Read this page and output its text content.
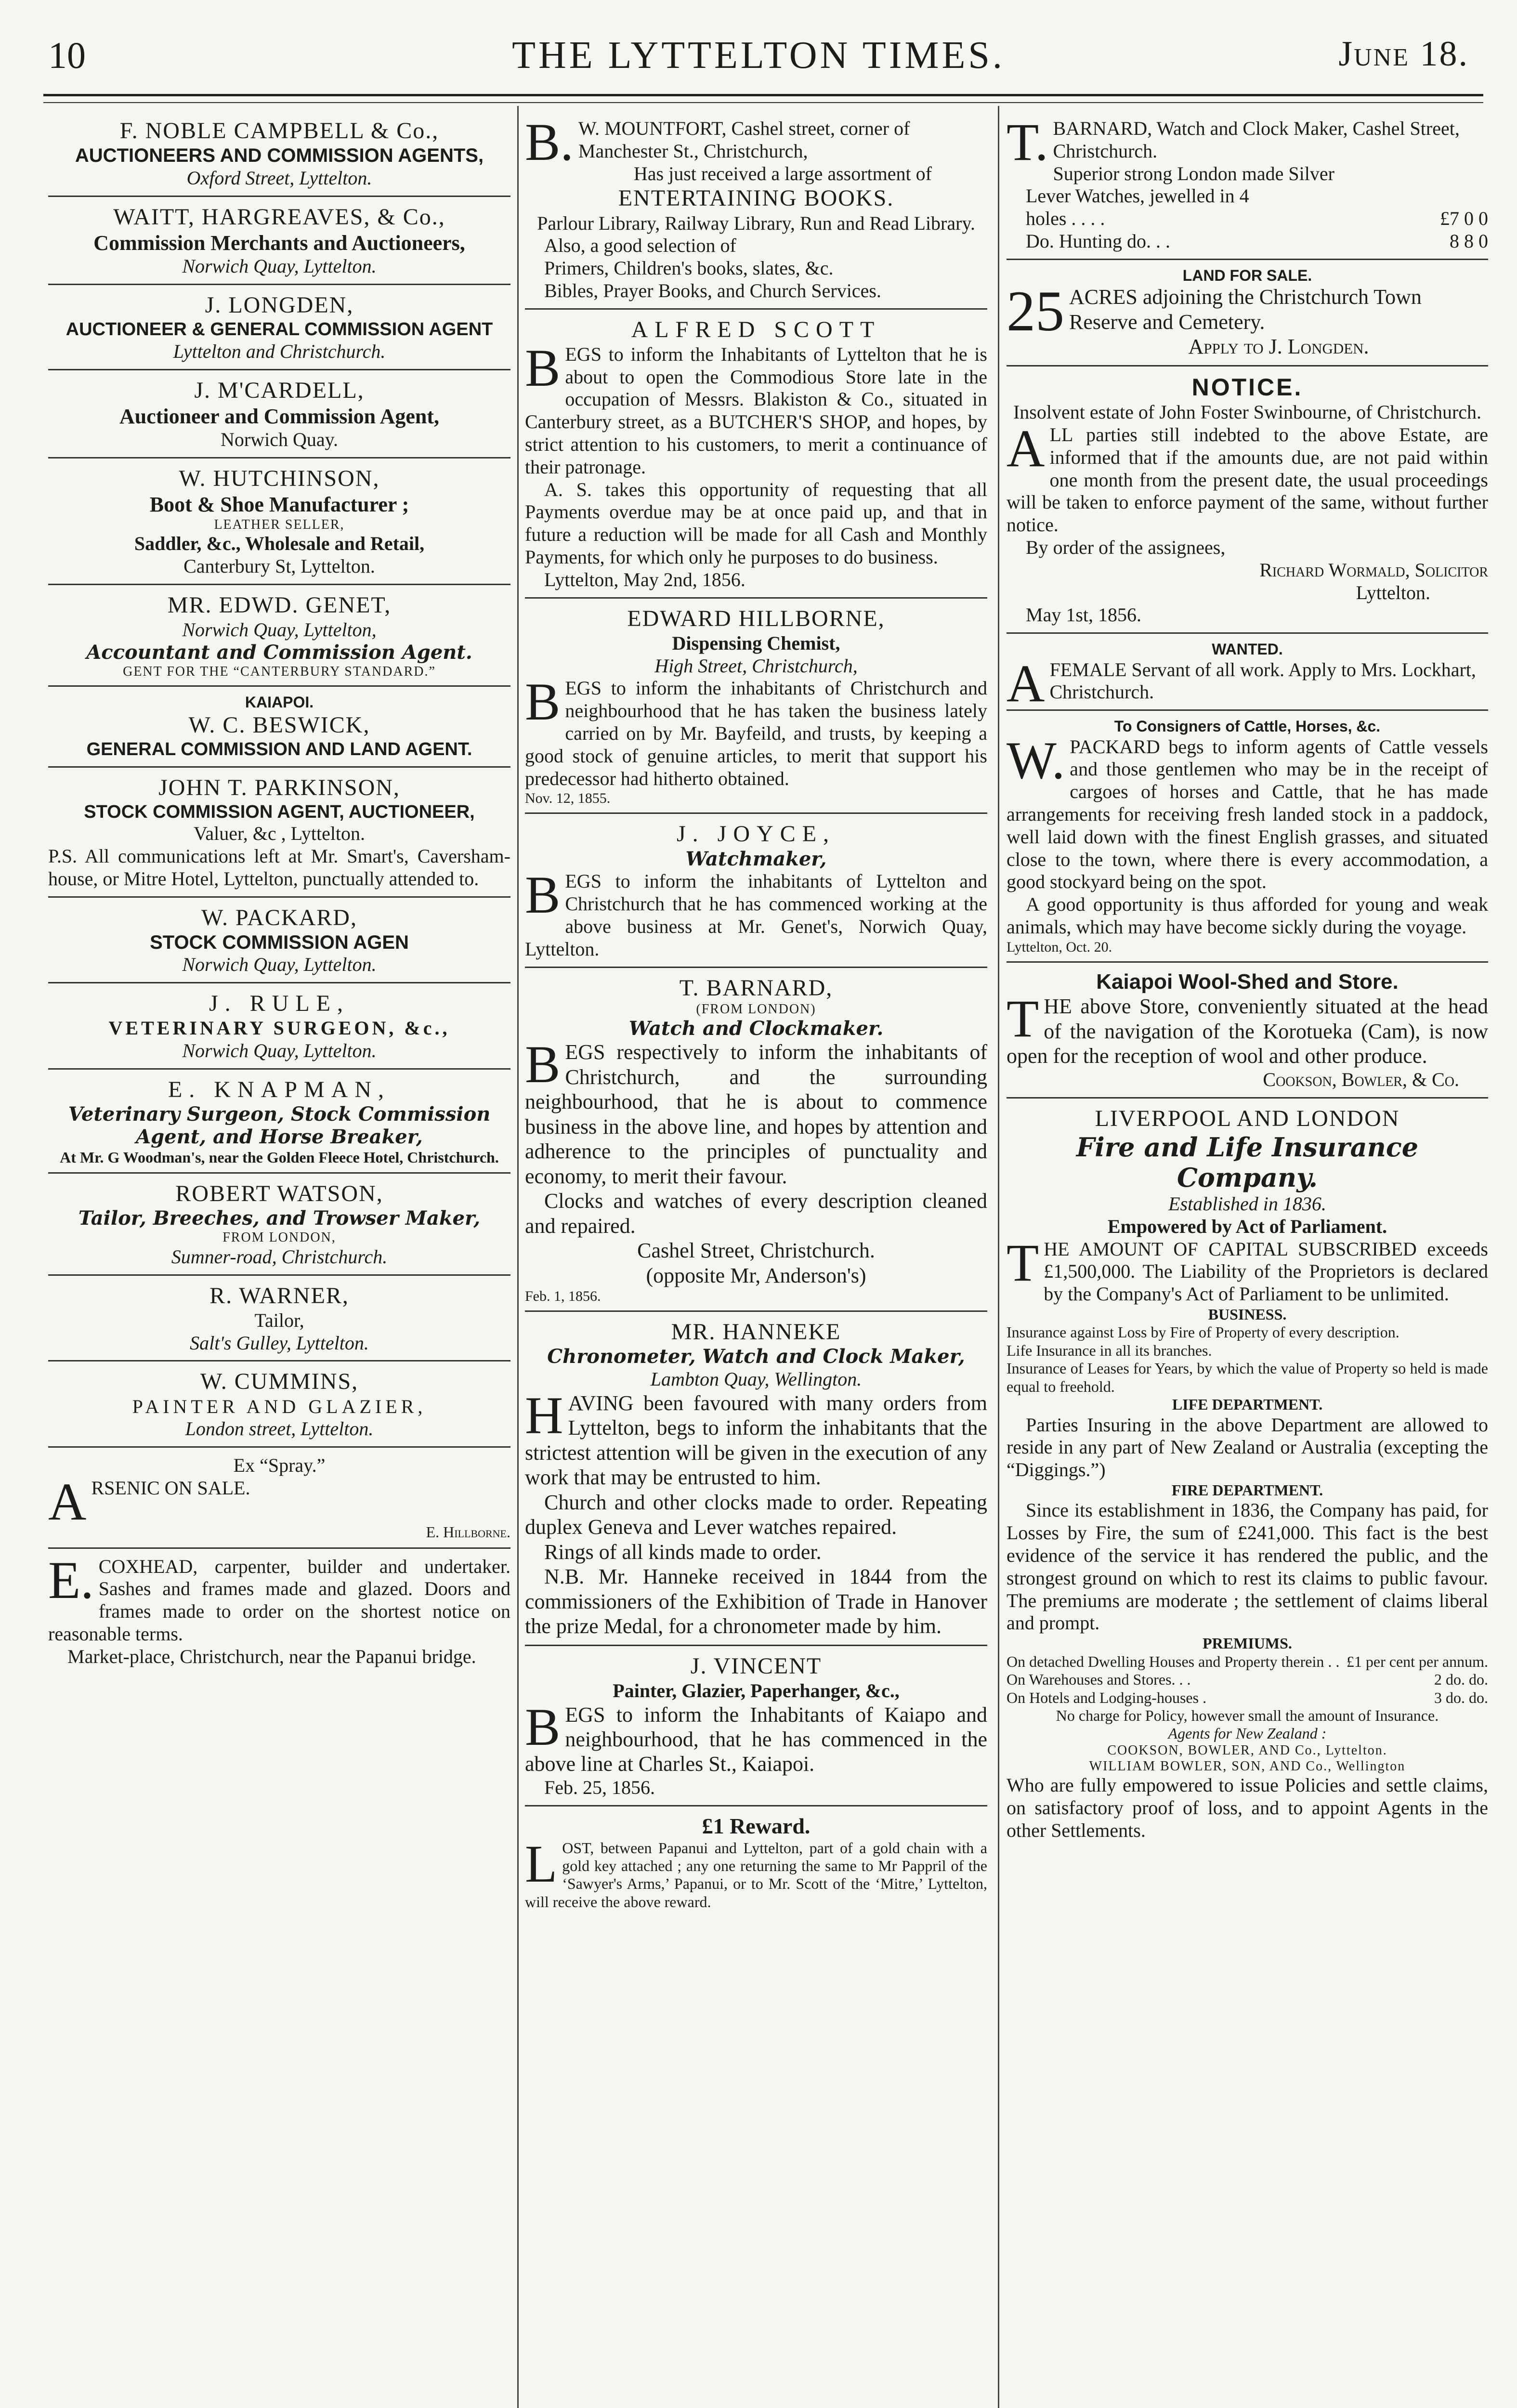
10	THE LYTTELTON TIMES.	June 18.
F. NOBLE CAMPBELL & Co.,
AUCTIONEERS AND COMMISSION AGENTS,
Oxford Street, Lyttelton.
WAITT, HARGREAVES, & Co.,
Commission Merchants and Auctioneers,
Norwich Quay, Lyttelton.
J. LONGDEN,
AUCTIONEER & GENERAL COMMISSION AGENT
Lyttelton and Christchurch.
J. M'CARDELL,
Auctioneer and Commission Agent,
Norwich Quay.
W. HUTCHINSON,
Boot & Shoe Manufacturer ;
LEATHER SELLER,
Saddler, &c., Wholesale and Retail,
Canterbury St, Lyttelton.
MR. EDWD. GENET,
Norwich Quay, Lyttelton,
Accountant and Commission Agent.
GENT FOR THE “CANTERBURY STANDARD.”
KAIAPOI.
W. C. BESWICK,
GENERAL COMMISSION AND LAND AGENT.
JOHN T. PARKINSON,
STOCK COMMISSION AGENT, AUCTIONEER,
Valuer, &c , Lyttelton.
P.S. All communications left at Mr. Smart's, Caversham-house, or Mitre Hotel, Lyttelton, punctually attended to.
W. PACKARD,
STOCK COMMISSION AGEN
Norwich Quay, Lyttelton.
J. RULE,
VETERINARY SURGEON, &c.,
Norwich Quay, Lyttelton.
E. KNAPMAN,
Veterinary Surgeon, Stock Commission Agent, and Horse Breaker,
At Mr. G Woodman's, near the Golden Fleece Hotel, Christchurch.
ROBERT WATSON,
Tailor, Breeches, and Trowser Maker,
FROM LONDON,
Sumner-road, Christchurch.
R. WARNER,
Tailor,
Salt's Gulley, Lyttelton.
W. CUMMINS,
PAINTER AND GLAZIER,
London street, Lyttelton.
Ex “Spray.”
A RSENIC ON SALE.
E. Hillborne.
E. COXHEAD, carpenter, builder and undertaker. Sashes and frames made and glazed. Doors and frames made to order on the shortest notice on reasonable terms.
Market-place, Christchurch, near the Papanui bridge.
B. W. MOUNTFORT, Cashel street, corner of Manchester St., Christchurch,
Has just received a large assortment of
ENTERTAINING BOOKS.
Parlour Library, Railway Library, Run and Read Library.
Also, a good selection of
Primers, Children's books, slates, &c.
Bibles, Prayer Books, and Church Services.
ALFRED SCOTT
B EGS to inform the Inhabitants of Lyttelton that he is about to open the Commodious Store late in the occupation of Messrs. Blakiston & Co., situated in Canterbury street, as a BUTCHER'S SHOP, and hopes, by strict attention to his customers, to merit a continuance of their patronage.
A. S. takes this opportunity of requesting that all Payments overdue may be at once paid up, and that in future a reduction will be made for all Cash and Monthly Payments, for which only he purposes to do business.
Lyttelton, May 2nd, 1856.
EDWARD HILLBORNE,
Dispensing Chemist,
High Street, Christchurch,
B EGS to inform the inhabitants of Christchurch and neighbourhood that he has taken the business lately carried on by Mr. Bayfeild, and trusts, by keeping a good stock of genuine articles, to merit that support his predecessor had hitherto obtained.
Nov. 12, 1855.
J. JOYCE,
Watchmaker,
B EGS to inform the inhabitants of Lyttelton and Christchurch that he has commenced working at the above business at Mr. Genet's, Norwich Quay, Lyttelton.
T. BARNARD,
(FROM LONDON)
Watch and Clockmaker.
B EGS respectively to inform the inhabitants of Christchurch, and the surrounding neighbourhood, that he is about to commence business in the above line, and hopes by attention and adherence to the principles of punctuality and economy, to merit their favour.
Clocks and watches of every description cleaned and repaired.
Cashel Street, Christchurch.
(opposite Mr, Anderson's)
Feb. 1, 1856.
MR. HANNEKE
Chronometer, Watch and Clock Maker,
Lambton Quay, Wellington.
H AVING been favoured with many orders from Lyttelton, begs to inform the inhabitants that the strictest attention will be given in the execution of any work that may be entrusted to him.
Church and other clocks made to order. Repeating duplex Geneva and Lever watches repaired.
Rings of all kinds made to order.
N.B. Mr. Hanneke received in 1844 from the commissioners of the Exhibition of Trade in Hanover the prize Medal, for a chronometer made by him.
J. VINCENT
Painter, Glazier, Paperhanger, &c.,
B EGS to inform the Inhabitants of Kaiapo and neighbourhood, that he has commenced in the above line at Charles St., Kaiapoi.
Feb. 25, 1856.
£1 Reward.
L OST, between Papanui and Lyttelton, part of a gold chain with a gold key attached ; any one returning the same to Mr Pappril of the ‘Sawyer's Arms,’ Papanui, or to Mr. Scott of the ‘Mitre,’ Lyttelton, will receive the above reward.
T. BARNARD, Watch and Clock Maker, Cashel Street, Christchurch.
Superior strong London made Silver
Lever Watches, jewelled in 4
holes . . . .	£7 0 0
Do. Hunting do. . .	8 8 0
LAND FOR SALE.
25 ACRES adjoining the Christchurch Town Reserve and Cemetery.
Apply to J. Longden.
NOTICE.
Insolvent estate of John Foster Swinbourne, of Christchurch.
A LL parties still indebted to the above Estate, are informed that if the amounts due, are not paid within one month from the present date, the usual proceedings will be taken to enforce payment of the same, without further notice.
By order of the assignees,
Richard Wormald, Solicitor
Lyttelton.
May 1st, 1856.
WANTED.
A FEMALE Servant of all work. Apply to Mrs. Lockhart, Christchurch.
To Consigners of Cattle, Horses, &c.
W. PACKARD begs to inform agents of Cattle vessels and those gentlemen who may be in the receipt of cargoes of horses and Cattle, that he has made arrangements for receiving fresh landed stock in a paddock, well laid down with the finest English grasses, and situated close to the town, where there is every accommodation, a good stockyard being on the spot.
A good opportunity is thus afforded for young and weak animals, which may have become sickly during the voyage.
Lyttelton, Oct. 20.
Kaiapoi Wool-Shed and Store.
T HE above Store, conveniently situated at the head of the navigation of the Korotueka (Cam), is now open for the reception of wool and other produce.
Cookson, Bowler, & Co.
LIVERPOOL AND LONDON
Fire and Life Insurance Company.
Established in 1836.
Empowered by Act of Parliament.
T HE AMOUNT OF CAPITAL SUBSCRIBED exceeds £1,500,000. The Liability of the Proprietors is declared by the Company's Act of Parliament to be unlimited.
BUSINESS.
Insurance against Loss by Fire of Property of every description.
Life Insurance in all its branches.
Insurance of Leases for Years, by which the value of Property so held is made equal to freehold.
LIFE DEPARTMENT.
Parties Insuring in the above Department are allowed to reside in any part of New Zealand or Australia (excepting the “Diggings.”)
FIRE DEPARTMENT.
Since its establishment in 1836, the Company has paid, for Losses by Fire, the sum of £241,000. This fact is the best evidence of the service it has rendered the public, and the strongest ground on which to rest its claims to public favour. The premiums are moderate ; the settlement of claims liberal and prompt.
PREMIUMS.
On detached Dwelling Houses and Property therein . . £1 per cent per annum.
On Warehouses and Stores. . .	2 do. do.
On Hotels and Lodging-houses .	3 do. do.
No charge for Policy, however small the amount of Insurance.
Agents for New Zealand :
COOKSON, BOWLER, AND Co., Lyttelton.
WILLIAM BOWLER, SON, AND Co., Wellington
Who are fully empowered to issue Policies and settle claims, on satisfactory proof of loss, and to appoint Agents in the other Settlements.
